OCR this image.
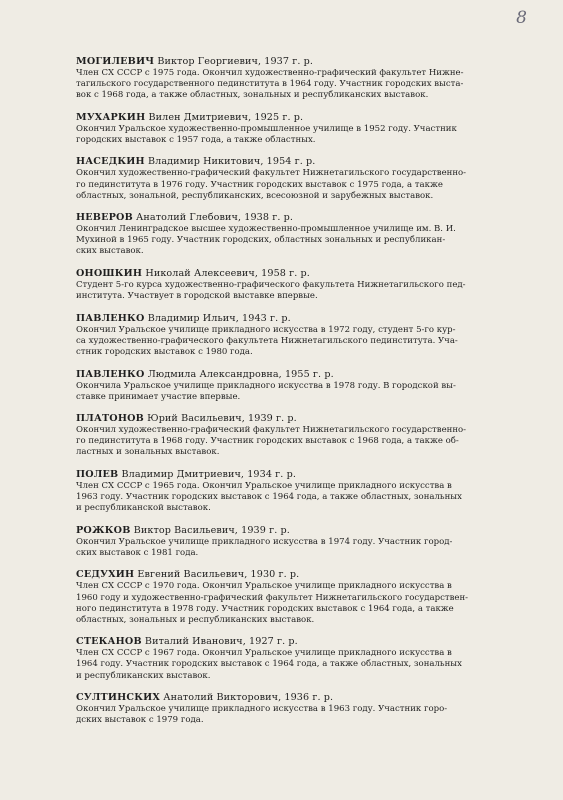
8
МОГИЛЕВИЧ Виктор Георгиевич, 1937 г. р.
Член СХ СССР с 1975 года. Окончил художественно-графический факультет Нижне-
тагильского государственного пединститута в 1964 году. Участник городских выста-
вок с 1968 года, а также областных, зональных и республиканских выставок.
МУХАРКИН Вилен Дмитриевич, 1925 г. р.
Окончил Уральское художественно-промышленное училище в 1952 году. Участник
городских выставок с 1957 года, а также областных.
НАСЕДКИН Владимир Никитович, 1954 г. р.
Окончил художественно-графический факультет Нижнетагильского государственно-
го пединститута в 1976 году. Участник городских выставок с 1975 года, а также
областных, зональной, республиканских, всесоюзной и зарубежных выставок.
НЕВЕРОВ Анатолий Глебович, 1938 г. р.
Окончил Ленинградское высшее художественно-промышленное училище им. В. И.
Мухиной в 1965 году. Участник городских, областных зональных и республикан-
ских выставок.
ОНОШКИН Николай Алексеевич, 1958 г. р.
Студент 5-го курса художественно-графического факультета Нижнетагильского пед-
института. Участвует в городской выставке впервые.
ПАВЛЕНКО Владимир Ильич, 1943 г. р.
Окончил Уральское училище прикладного искусства в 1972 году, студент 5-го кур-
са художественно-графического факультета Нижнетагильского пединститута. Уча-
стник городских выставок с 1980 года.
ПАВЛЕНКО Людмила Александровна, 1955 г. р.
Окончила Уральское училище прикладного искусства в 1978 году. В городской вы-
ставке принимает участие впервые.
ПЛАТОНОВ Юрий Васильевич, 1939 г. р.
Окончил художественно-графический факультет Нижнетагильского государственно-
го пединститута в 1968 году. Участник городских выставок с 1968 года, а также об-
ластных и зональных выставок.
ПОЛЕВ Владимир Дмитриевич, 1934 г. р.
Член СХ СССР с 1965 года. Окончил Уральское училище прикладного искусства в
1963 году. Участник городских выставок с 1964 года, а также областных, зональных
и республиканской выставок.
РОЖКОВ Виктор Васильевич, 1939 г. р.
Окончил Уральское училище прикладного искусства в 1974 году. Участник город-
ских выставок с 1981 года.
СЕДУХИН Евгений Васильевич, 1930 г. р.
Член СХ СССР с 1970 года. Окончил Уральское училище прикладного искусства в
1960 году и художественно-графический факультет Нижнетагильского государствен-
ного пединститута в 1978 году. Участник городских выставок с 1964 года, а также
областных, зональных и республиканских выставок.
СТЕКАНОВ Виталий Иванович, 1927 г. р.
Член СХ СССР с 1967 года. Окончил Уральское училище прикладного искусства в
1964 году. Участник городских выставок с 1964 года, а также областных, зональных
и республиканских выставок.
СУЛТИНСКИХ Анатолий Викторович, 1936 г. р.
Окончил Уральское училище прикладного искусства в 1963 году. Участник горо-
дских выставок с 1979 года.
